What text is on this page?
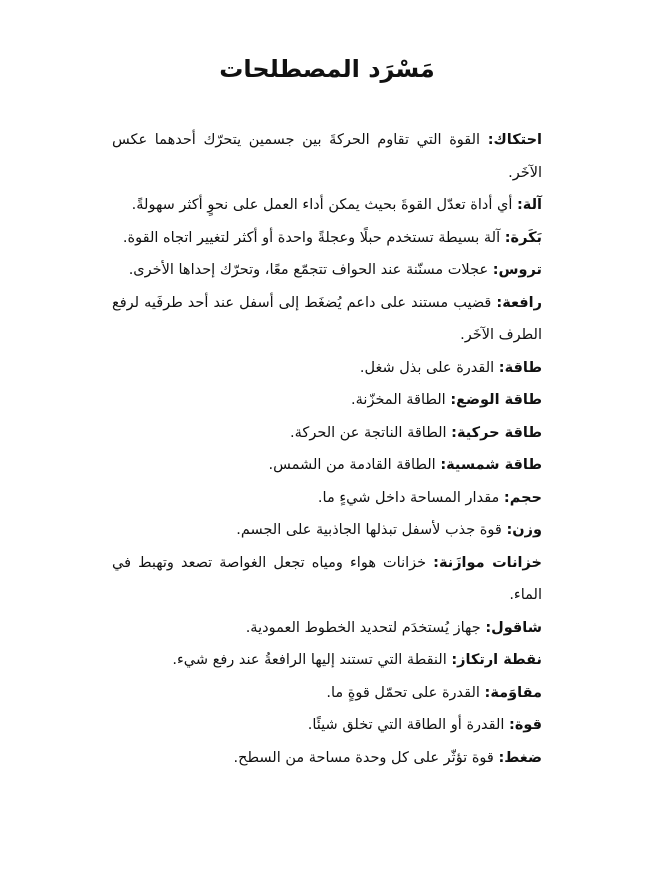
مَسْرَد المصطلحات
احتكاك: القوة التي تقاوم الحركةَ بين جسمين يتحرّك أحدهما عكس الآخَر.
آلة: أي أداة تعدّل القوةَ بحيث يمكن أداء العمل على نحوٍ أكثر سهولةً.
بَكَرة: آلة بسيطة تستخدم حبلًا وعجلةً واحدة أو أكثر لتغيير اتجاه القوة.
تروس: عجلات مسنّنة عند الحواف تتجمّع معًا، وتحرّك إحداها الأخرى.
رافعة: قضيب مستند على داعم يُضغَط إلى أسفل عند أحد طرفَيه لرفع الطرف الآخَر.
طاقة: القدرة على بذل شغل.
طاقة الوضع: الطاقة المخزّنة.
طاقة حركية: الطاقة الناتجة عن الحركة.
طاقة شمسية: الطاقة القادمة من الشمس.
حجم: مقدار المساحة داخل شيءٍ ما.
وزن: قوة جذب لأسفل تبذلها الجاذبية على الجسم.
خزانات موازَنة: خزانات هواء ومياه تجعل الغواصة تصعد وتهبط في الماء.
شاقول: جهاز يُستخدَم لتحديد الخطوط العمودية.
نقطة ارتكاز: النقطة التي تستند إليها الرافعةُ عند رفع شيء.
مقاوَمة: القدرة على تحمّل قوةٍ ما.
قوة: القدرة أو الطاقة التي تخلق شيئًا.
ضغط: قوة تؤثّر على كل وحدة مساحة من السطح.
